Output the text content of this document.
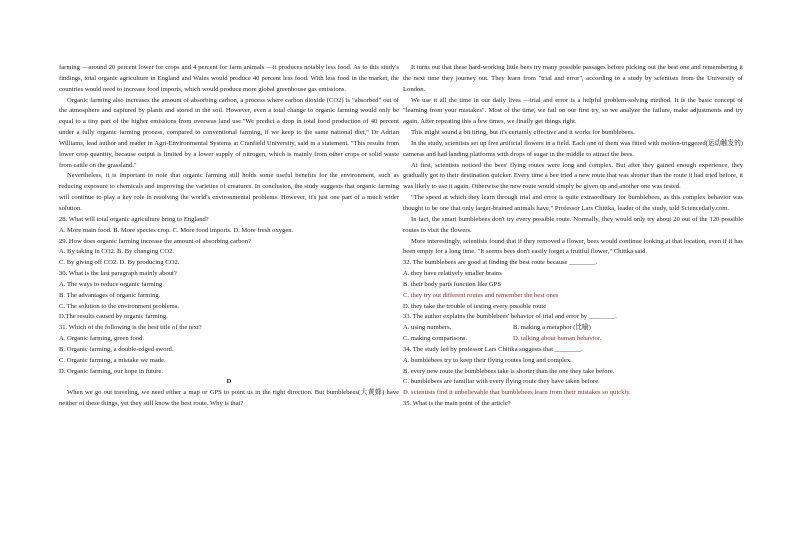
farming —around 20 percent lower for crops and 4 percent for farm animals —it produces notably less food. As to this study's findings, total organic agriculture in England and Wales would produce 40 percent less food. With less food in the market, the countries would need to increase food imports, which would produce more global greenhouse gas emissions.

Organic farming also increases the amount of absorbing carbon, a process where carbon dioxide (CO2) is "absorbed" out of the atmosphere and captured by plants and stored in the soil. However, even a total change to organic farming would only be equal to a tiny part of the higher emissions from overseas land use."We predict a drop in total food production of 40 percent under a fully organic farming process, compared to conventional farming, if we keep to the same national diet," Dr Adrian Williams, lead author and reader in Agri-Environmental Systems at Cranfield University, said in a statement. "This results from lower crop quantity, because output is limited by a lower supply of nitrogen, which is mainly from other crops or solid waste from cattle on the grassland."

Nevertheless, it is important to note that organic farming still holds some useful benefits for the environment, such as reducing exposure to chemicals and improving the varieties of creatures. In conclusion, the study suggests that organic farming will continue to play a key role in resolving the world's environmental problems. However, it's just one part of a much wider solution.

28. What will total organic agriculture bring to England?

A. More main food. B. More species crop. C. More food imports. D. More fresh oxygen.

29. How does organic farming increase the amount of absorbing carbon?

A. By taking in CO2. B. By changing CO2.

C. By giving off CO2. D. By producing CO2.

30. What is the last paragraph mainly about?

A. The ways to reduce organic farming.

B. The advantages of organic farming.

C. The solution to the environment problems.

D.The results caused by organic farming.

31. Which of the following is the best title of the text?

A. Organic farming, green food.

B. Organic farming, a double-edged sword.

C. Organic farming, a mistake we made.

D. Organic farming, our hope in future.

D

When we go out traveling, we need either a map or GPS to point us in the right direction. But bumblebees(大黄蜂) have neither of these things, yet they still know the best route. Why is that?

It turns out that these hard-working little bees try many possible passages before picking out the best one and remembering it the next time they journey out. They learn from "trial and error", according to a study by scientists from the University of London.

We use it all the time in our daily lives —trial and error is a helpful problem-solving method. It is the basic concept of "learning from your mistakes". Most of the time, we fail on our first try, so we analyze the failure, make adjustments and try again. After repeating this a few times, we finally get things right.

This might sound a bit tiring, but it's certainly effective and it works for bumblebees.

In the study, scientists set up five artificial flowers in a field. Each one of them was fitted with motion-triggered(运动触发的) cameras and had landing platforms with drops of sugar in the middle to attract the bees.

At first, scientists noticed the bees' flying routes were long and complex. But after they gained enough experience, they gradually got to their destination quicker. Every time a bee tried a new route that was shorter than the route it had tried before, it was likely to use it again. Otherwise the new route would simply be given up and another one was tested.

"The speed at which they learn through trial and error is quite extraordinary for bumblebees, as this complex behavior was thought to be one that only larger-brained animals have," Professor Lars Chittka, leader of the study, told Sciencedaily.com.

In fact, the smart bumblebees don't try every possible route. Normally, they would only try about 20 out of the 120 possible routes to visit the flowers.

More interestingly, scientists found that if they removed a flower, bees would continue looking at that location, even if it has been empty for a long time. "It seems bees don't easily forget a fruitful flower," Chittka said.

32. The bumblebees are good at finding the best route because ________.

A. they have relatively smaller brains

B. their body parts function like GPS

C. they try out different routes and remember the best ones

D. they take the trouble of testing every possible route

33. The author explains the bumblebees' behavior of trial and error by ________.

A. using numbers.	B. making a metaphor (比喻)

C. making comparisons.	D. talking about human behavior.

34. The study led by professor Lars Chittka suggests that ________.

A. bumblebees try to keep their flying routes long and complex.

B. every new route the bumblebees take is shorter than the one they take before.

C. bumblebees are familiar with every flying route they have taken before.

D. scientists find it unbelievable that bumblebees learn from their mistakes so quickly.

35. What is the main point of the article?
